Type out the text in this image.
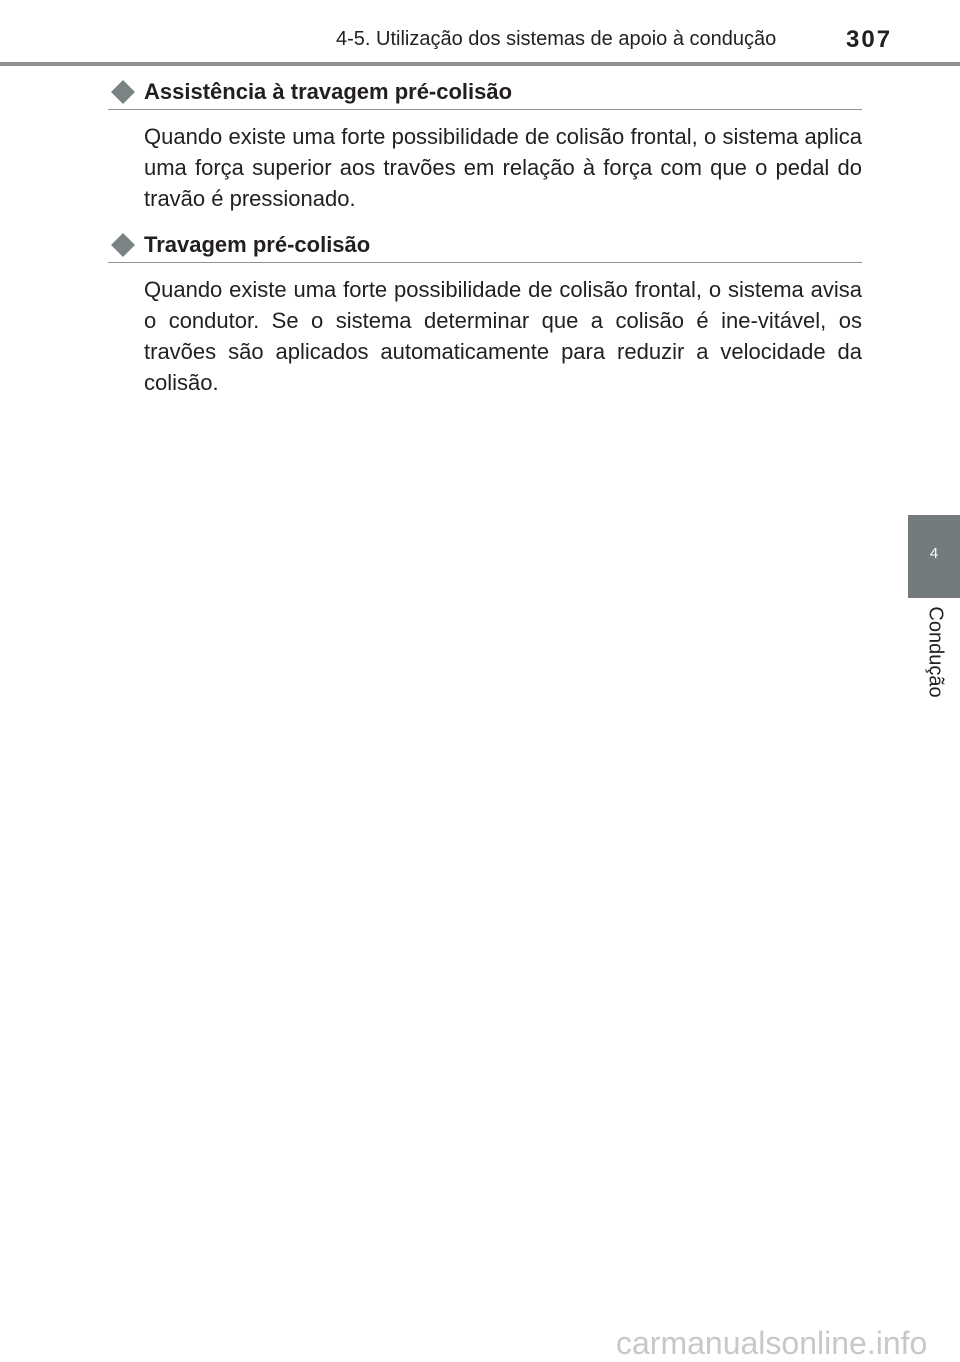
4-5. Utilização dos sistemas de apoio à condução	307
Assistência à travagem pré-colisão
Quando existe uma forte possibilidade de colisão frontal, o sistema aplica uma força superior aos travões em relação à força com que o pedal do travão é pressionado.
Travagem pré-colisão
Quando existe uma forte possibilidade de colisão frontal, o sistema avisa o condutor. Se o sistema determinar que a colisão é ine-vitável, os travões são aplicados automaticamente para reduzir a velocidade da colisão.
4
Condução
carmanualsonline.info
